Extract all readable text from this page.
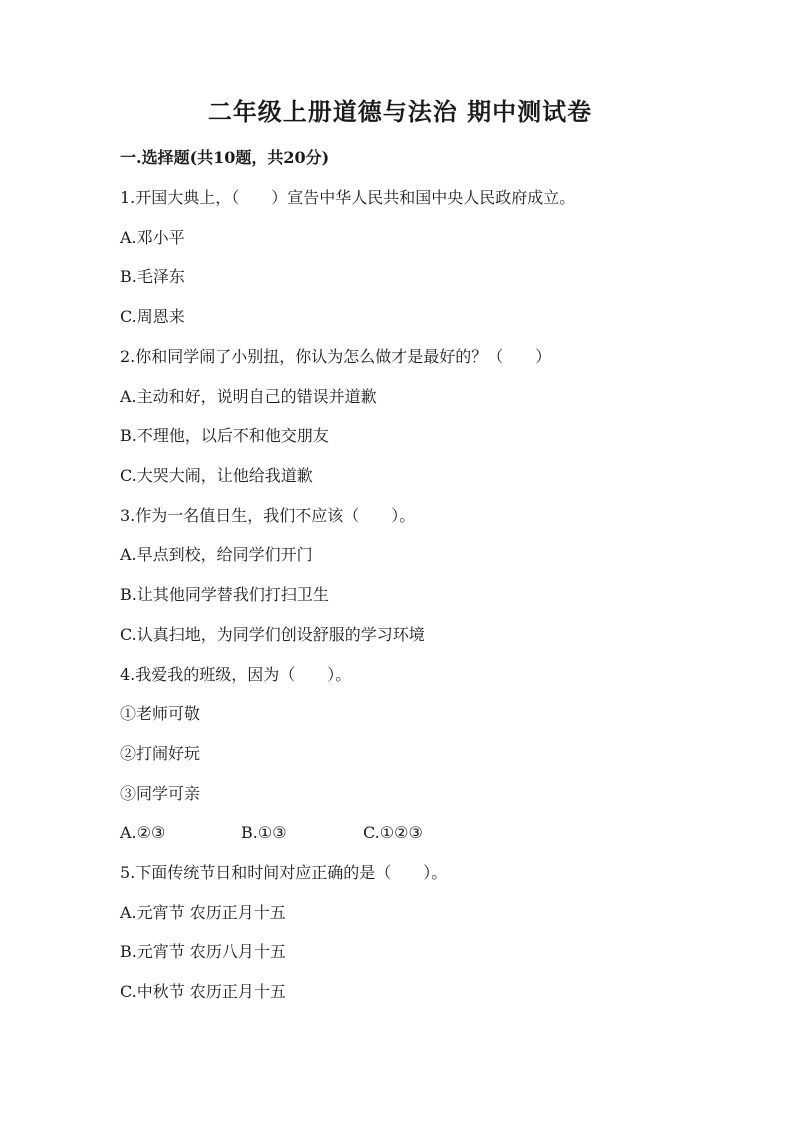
二年级上册道德与法治 期中测试卷
一.选择题(共10题，共20分)
1.开国大典上，（　　）宣告中华人民共和国中央人民政府成立。
A.邓小平
B.毛泽东
C.周恩来
2.你和同学闹了小别扭，你认为怎么做才是最好的？（　　）
A.主动和好，说明自己的错误并道歉
B.不理他，以后不和他交朋友
C.大哭大闹，让他给我道歉
3.作为一名值日生，我们不应该（　　）。
A.早点到校，给同学们开门
B.让其他同学替我们打扫卫生
C.认真扫地，为同学们创设舒服的学习环境
4.我爱我的班级，因为（　　）。
①老师可敬
②打闹好玩
③同学可亲
A.②③	B.①③	C.①②③
5.下面传统节日和时间对应正确的是（　　）。
A.元宵节 农历正月十五
B.元宵节 农历八月十五
C.中秋节 农历正月十五
